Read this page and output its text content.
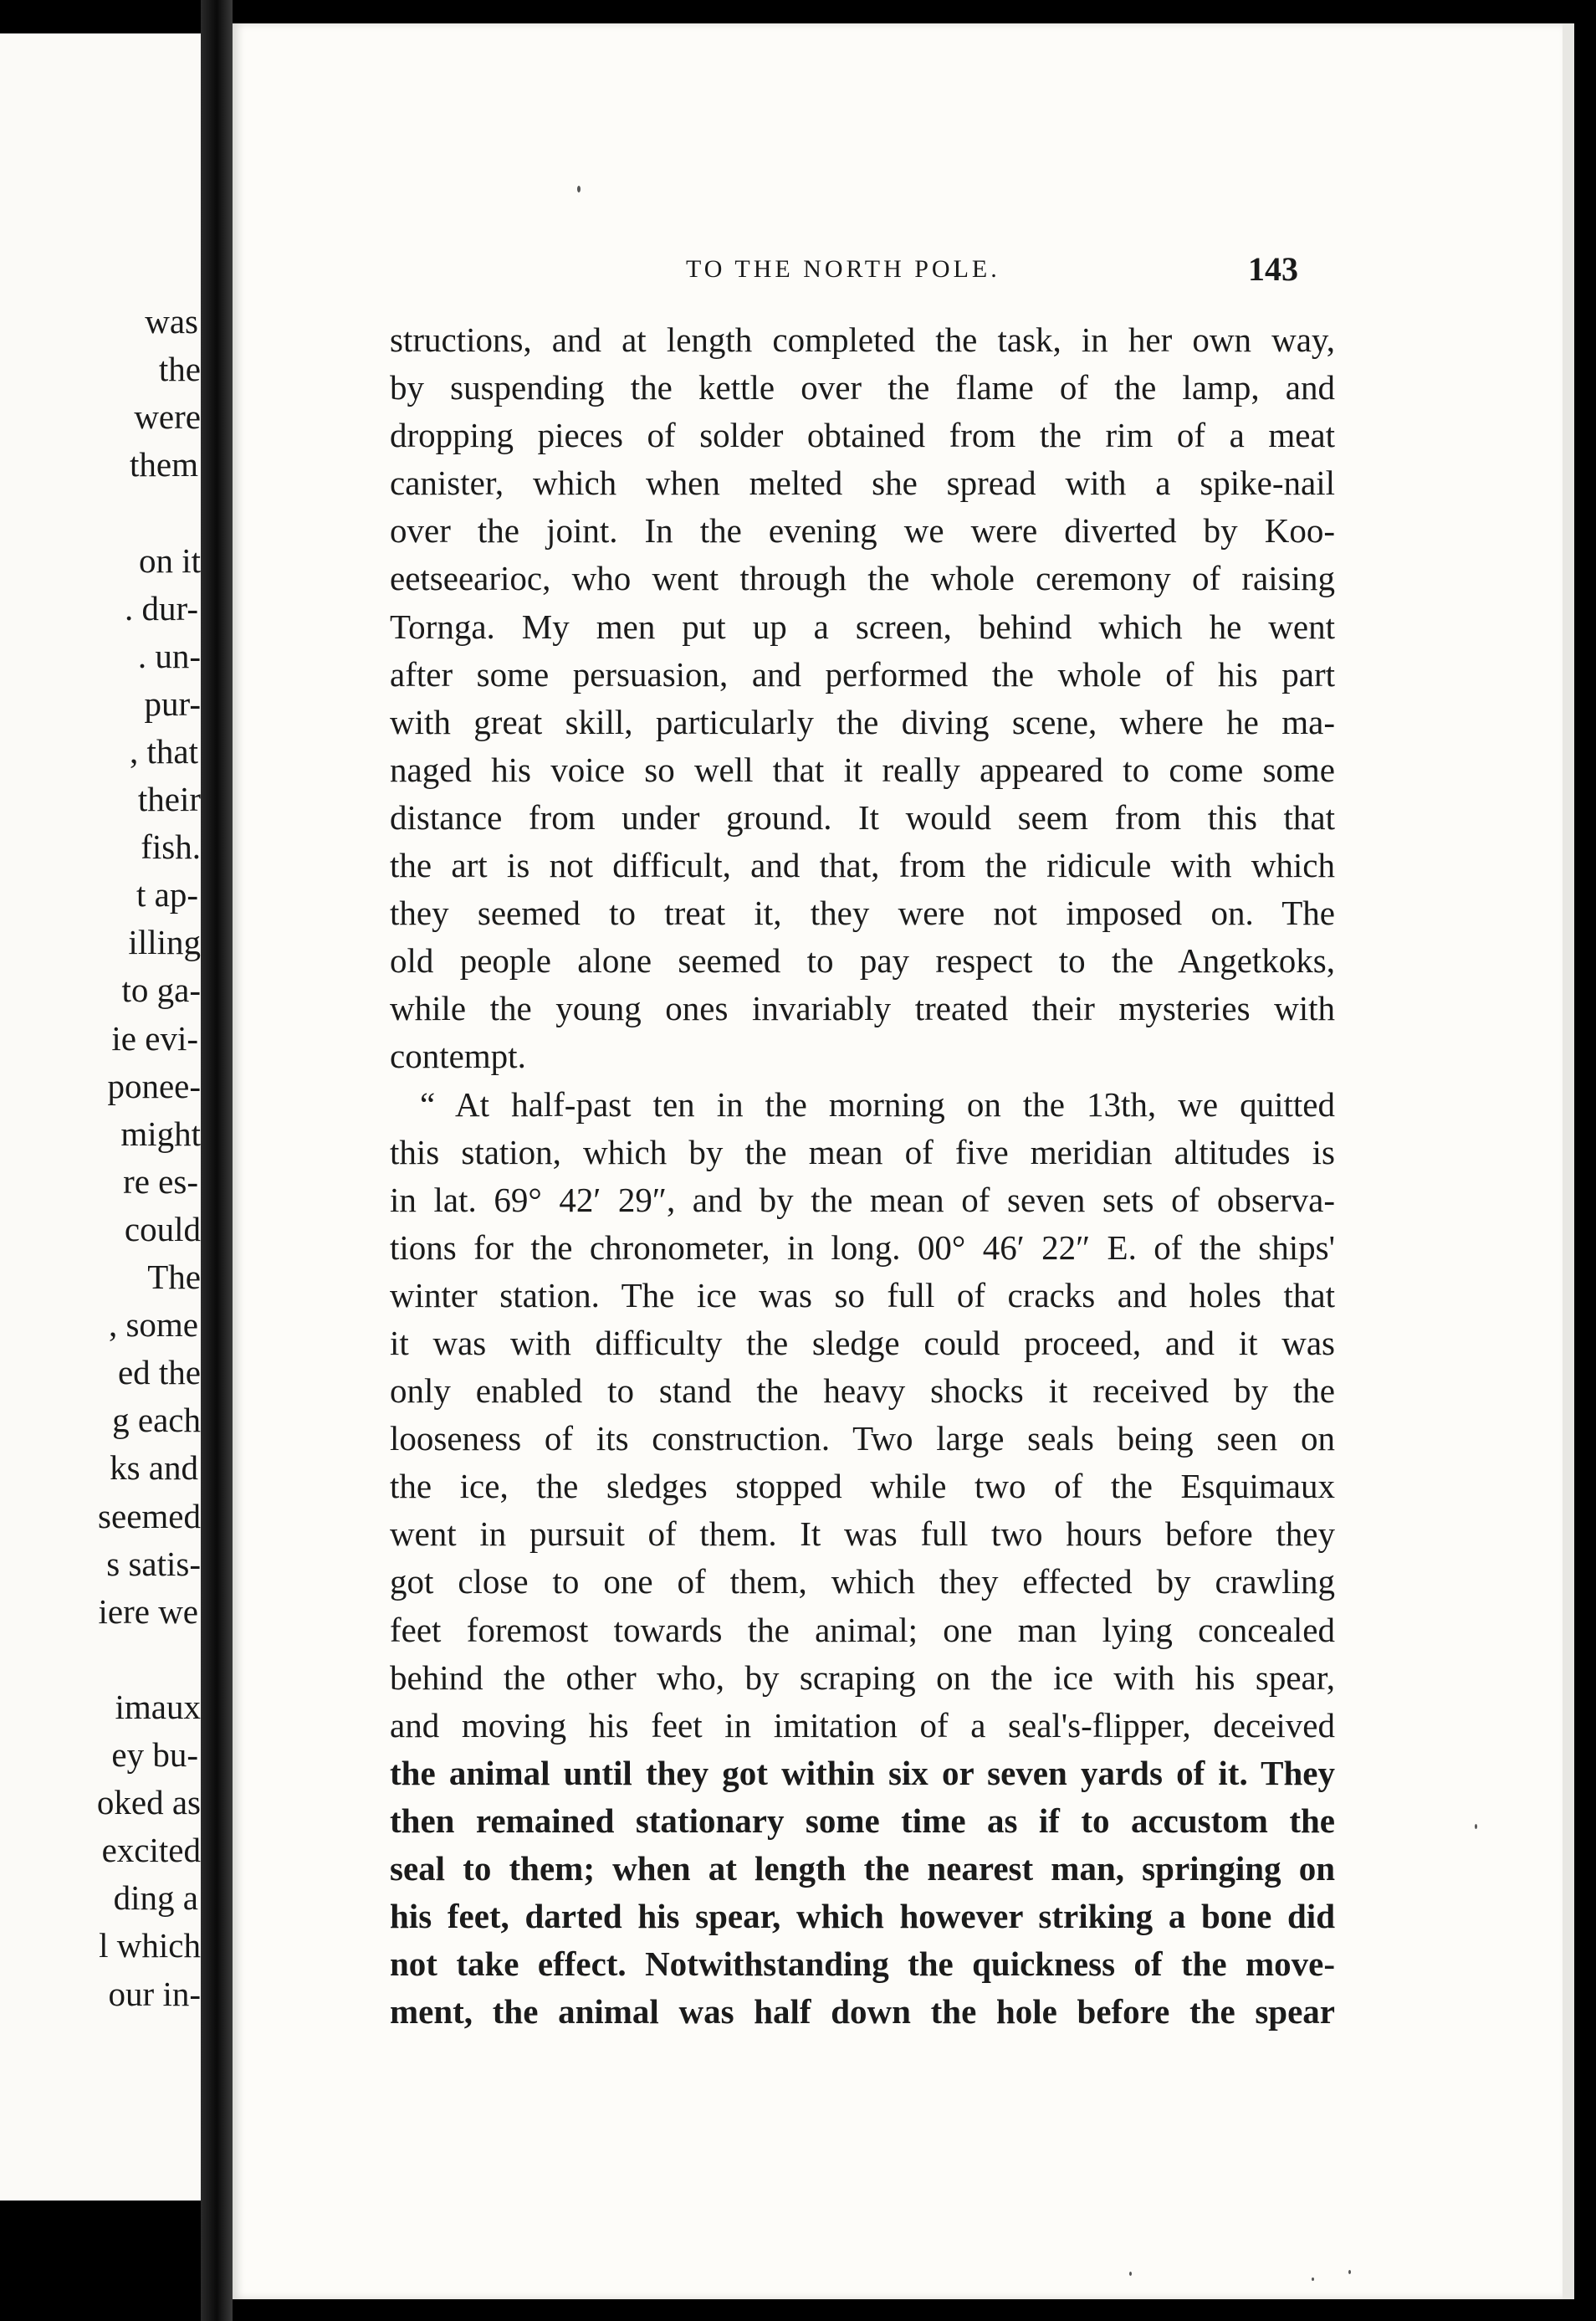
was
the
were
them
on it
. dur-
. un-
pur-
, that
their
fish.
t ap-
illing
to ga-
ie evi-
ponee-
might
re es-
could
The
, some
ed the
g each
ks and
seemed
s satis-
iere we
imaux
ey bu-
oked as
excited
ding a
l which
our in-
TO THE NORTH POLE.	143
structions, and at length completed the task, in her own way,
by suspending the kettle over the flame of the lamp, and
dropping pieces of solder obtained from the rim of a meat
canister, which when melted she spread with a spike-nail
over the joint. In the evening we were diverted by Koo-
eetseearioc, who went through the whole ceremony of raising
Tornga. My men put up a screen, behind which he went
after some persuasion, and performed the whole of his part
with great skill, particularly the diving scene, where he ma-
naged his voice so well that it really appeared to come some
distance from under ground. It would seem from this that
the art is not difficult, and that, from the ridicule with which
they seemed to treat it, they were not imposed on. The
old people alone seemed to pay respect to the Angetkoks,
while the young ones invariably treated their mysteries with
contempt.
“ At half-past ten in the morning on the 13th, we quitted
this station, which by the mean of five meridian altitudes is
in lat. 69° 42′ 29″, and by the mean of seven sets of observa-
tions for the chronometer, in long. 00° 46′ 22″ E. of the ships'
winter station. The ice was so full of cracks and holes that
it was with difficulty the sledge could proceed, and it was
only enabled to stand the heavy shocks it received by the
looseness of its construction. Two large seals being seen on
the ice, the sledges stopped while two of the Esquimaux
went in pursuit of them. It was full two hours before they
got close to one of them, which they effected by crawling
feet foremost towards the animal; one man lying concealed
behind the other who, by scraping on the ice with his spear,
and moving his feet in imitation of a seal's-flipper, deceived
the animal until they got within six or seven yards of it. They
then remained stationary some time as if to accustom the
seal to them; when at length the nearest man, springing on
his feet, darted his spear, which however striking a bone did
not take effect. Notwithstanding the quickness of the move-
ment, the animal was half down the hole before the spear
